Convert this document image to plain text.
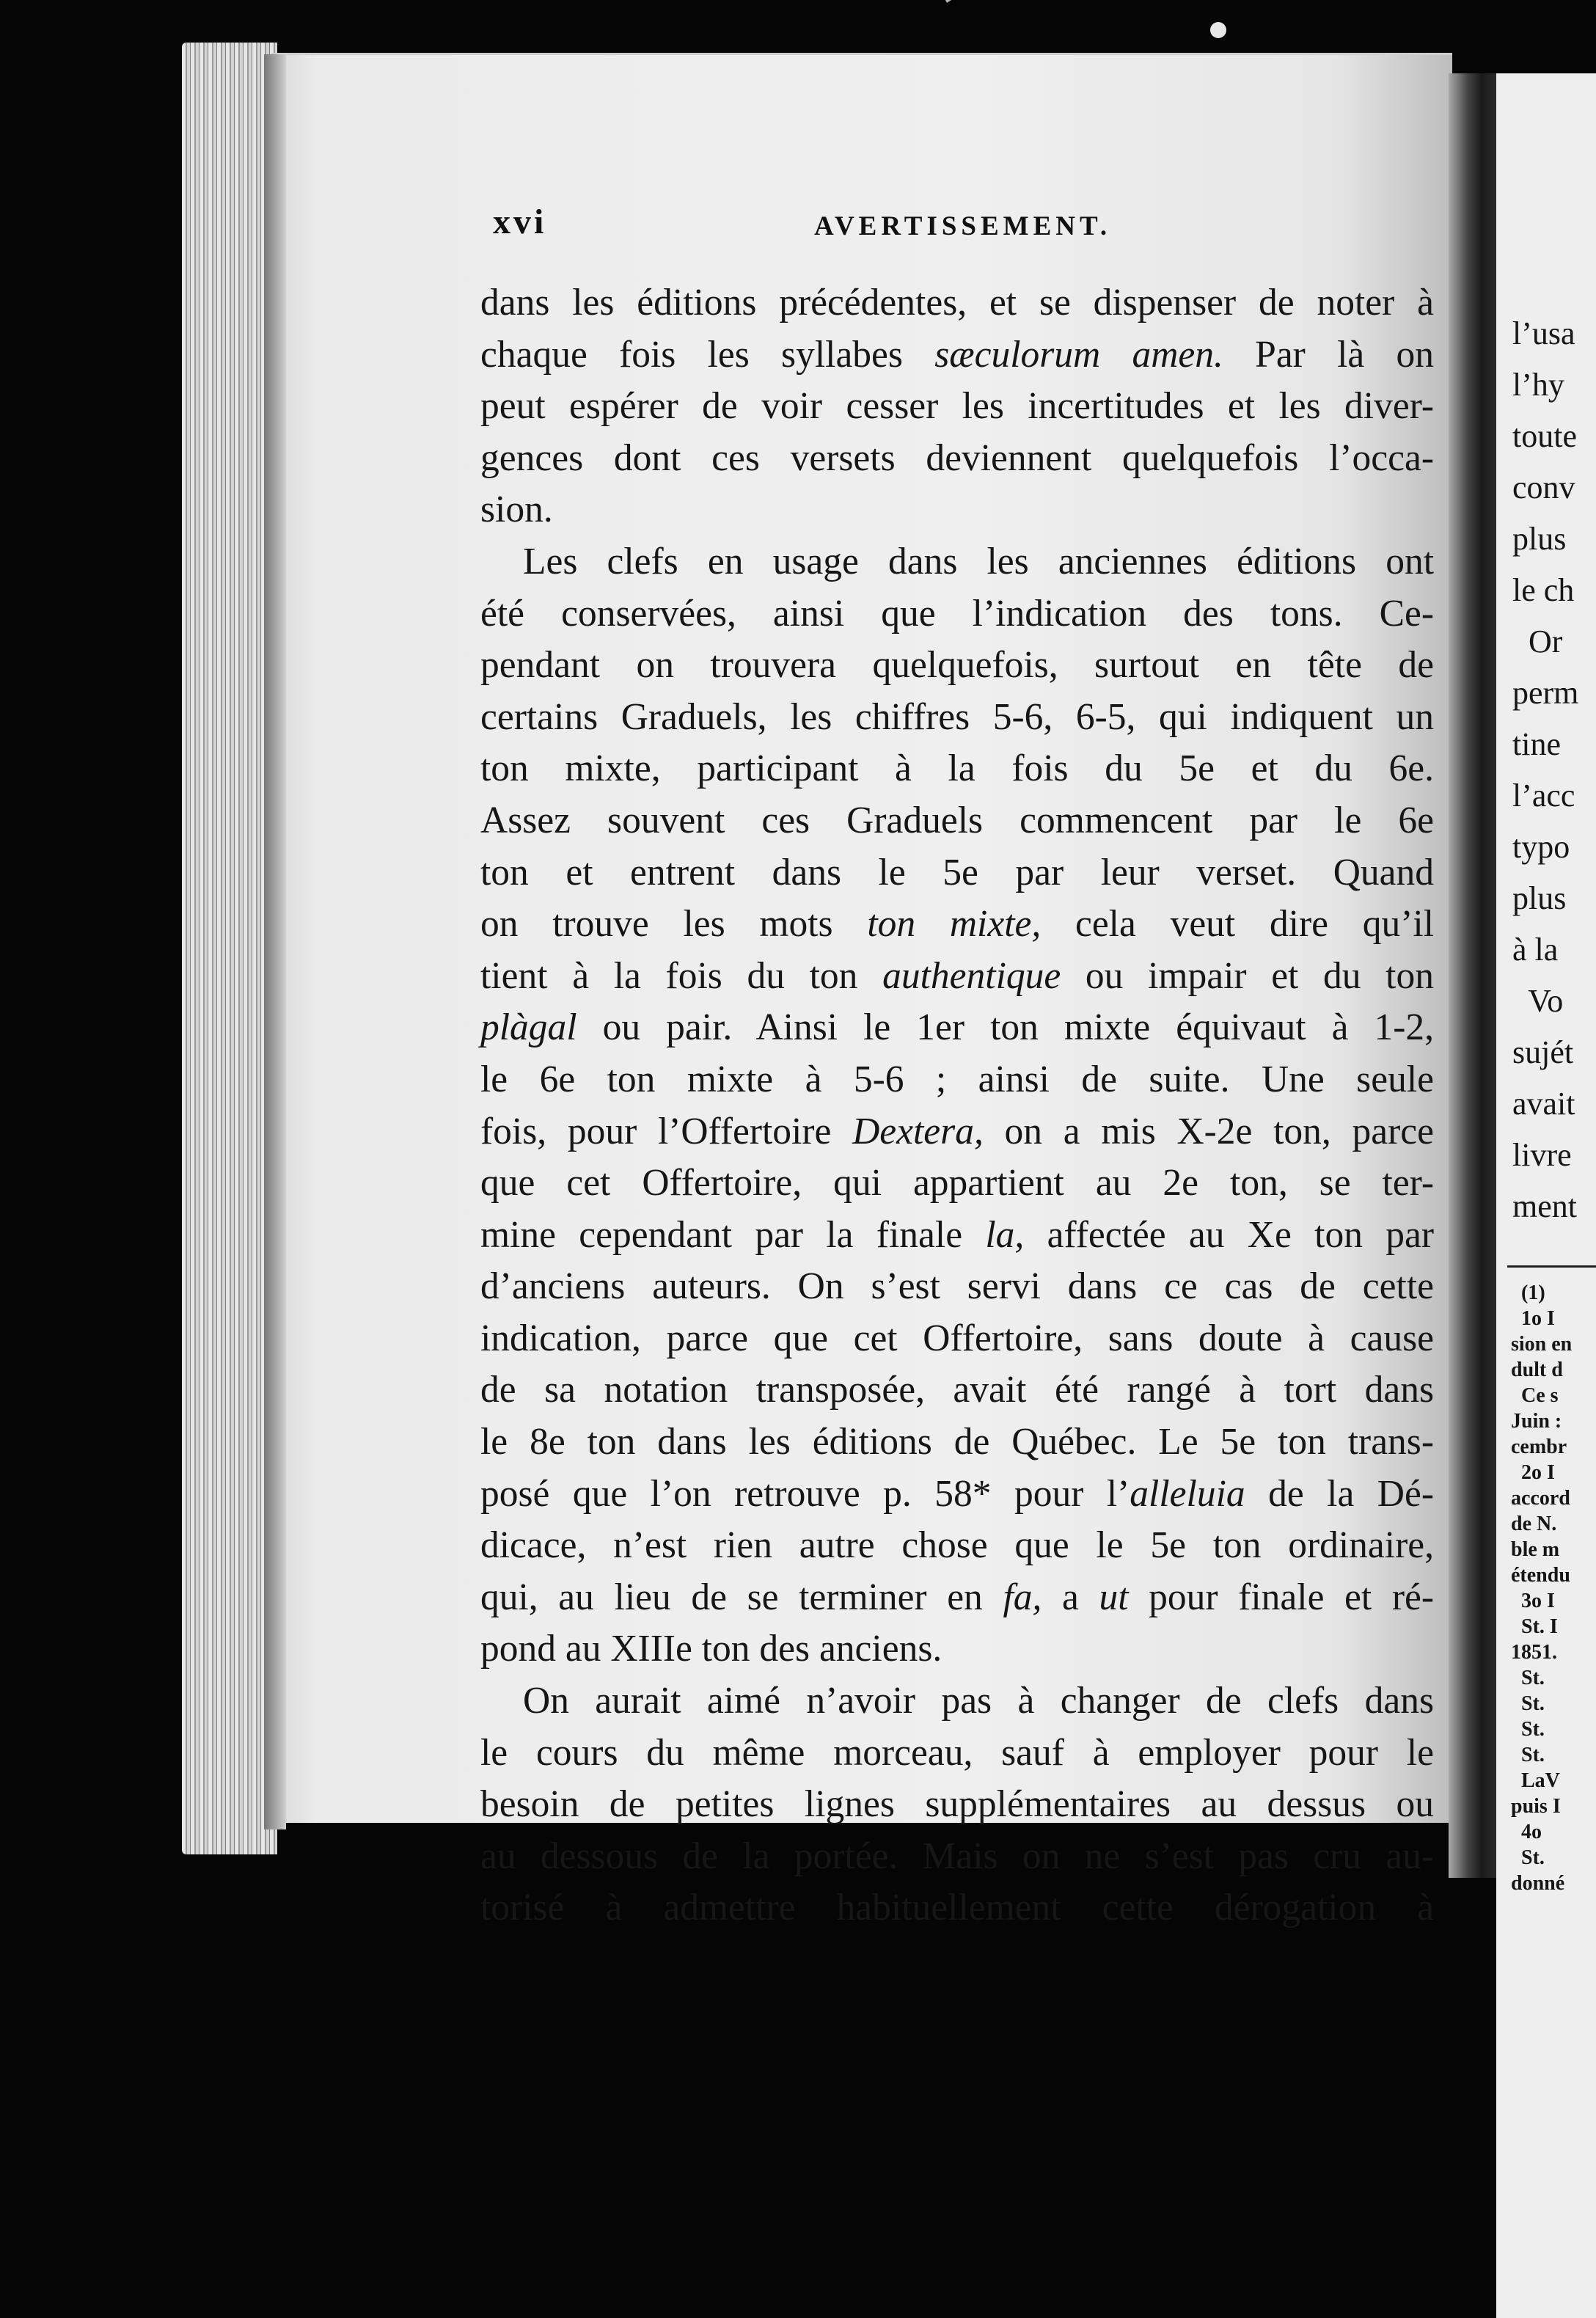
xvi	AVERTISSEMENT.
dans les éditions précédentes, et se dispenser de noter à
chaque fois les syllabes sæculorum amen. Par là on
peut espérer de voir cesser les incertitudes et les diver-
gences dont ces versets deviennent quelquefois l’occa-
sion.
Les clefs en usage dans les anciennes éditions ont
été conservées, ainsi que l’indication des tons. Ce-
pendant on trouvera quelquefois, surtout en tête de
certains Graduels, les chiffres 5-6, 6-5, qui indiquent un
ton mixte, participant à la fois du 5e et du 6e.
Assez souvent ces Graduels commencent par le 6e
ton et entrent dans le 5e par leur verset. Quand
on trouve les mots ton mixte, cela veut dire qu’il
tient à la fois du ton authentique ou impair et du ton
plàgal ou pair. Ainsi le 1er ton mixte équivaut à 1-2,
le 6e ton mixte à 5-6 ; ainsi de suite. Une seule
fois, pour l’Offertoire Dextera, on a mis X-2e ton, parce
que cet Offertoire, qui appartient au 2e ton, se ter-
mine cependant par la finale la, affectée au Xe ton par
d’anciens auteurs. On s’est servi dans ce cas de cette
indication, parce que cet Offertoire, sans doute à cause
de sa notation transposée, avait été rangé à tort dans
le 8e ton dans les éditions de Québec. Le 5e ton trans-
posé que l’on retrouve p. 58* pour l’alleluia de la Dé-
dicace, n’est rien autre chose que le 5e ton ordinaire,
qui, au lieu de se terminer en fa, a ut pour finale et ré-
pond au XIIIe ton des anciens.
On aurait aimé n’avoir pas à changer de clefs dans
le cours du même morceau, sauf à employer pour le
besoin de petites lignes supplémentaires au dessus ou
au dessous de la portée. Mais on ne s’est pas cru au-
torisé à admettre habituellement cette dérogation à
l’usa
l’hy
toute
conv
plus
le ch
Or
perm
tine
l’acc
typo
plus
à la
Vo
sujét
avait
livre
ment
(1)
1o I
sion en
dult d
Ce s
Juin :
cembr
2o I
accord
de N.
ble m
étendu
3o I
St. I
1851.
St.
St.
St.
St.
LaV
puis I
4o
St.
donné
